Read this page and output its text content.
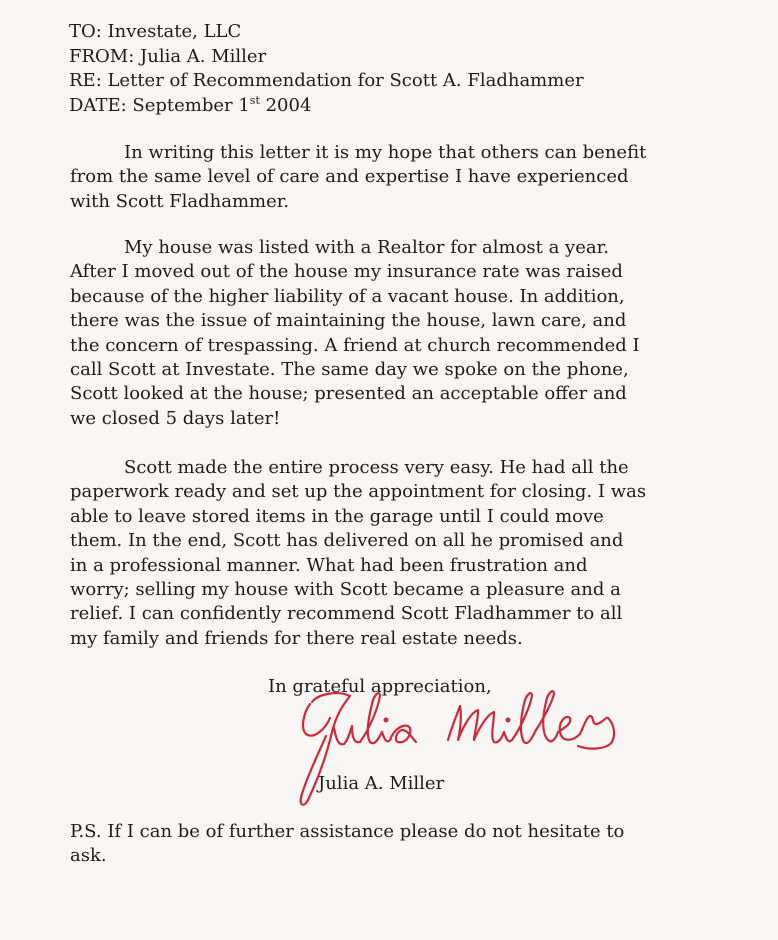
TO: Investate, LLC
FROM: Julia A. Miller
RE: Letter of Recommendation for Scott A. Fladhammer
DATE: September 1st 2004
In writing this letter it is my hope that others can benefit
from the same level of care and expertise I have experienced
with Scott Fladhammer.
My house was listed with a Realtor for almost a year.
After I moved out of the house my insurance rate was raised
because of the higher liability of a vacant house. In addition,
there was the issue of maintaining the house, lawn care, and
the concern of trespassing. A friend at church recommended I
call Scott at Investate. The same day we spoke on the phone,
Scott looked at the house; presented an acceptable offer and
we closed 5 days later!
Scott made the entire process very easy. He had all the
paperwork ready and set up the appointment for closing. I was
able to leave stored items in the garage until I could move
them. In the end, Scott has delivered on all he promised and
in a professional manner. What had been frustration and
worry; selling my house with Scott became a pleasure and a
relief. I can confidently recommend Scott Fladhammer to all
my family and friends for there real estate needs.
In grateful appreciation,
Julia A. Miller
P.S. If I can be of further assistance please do not hesitate to
ask.
